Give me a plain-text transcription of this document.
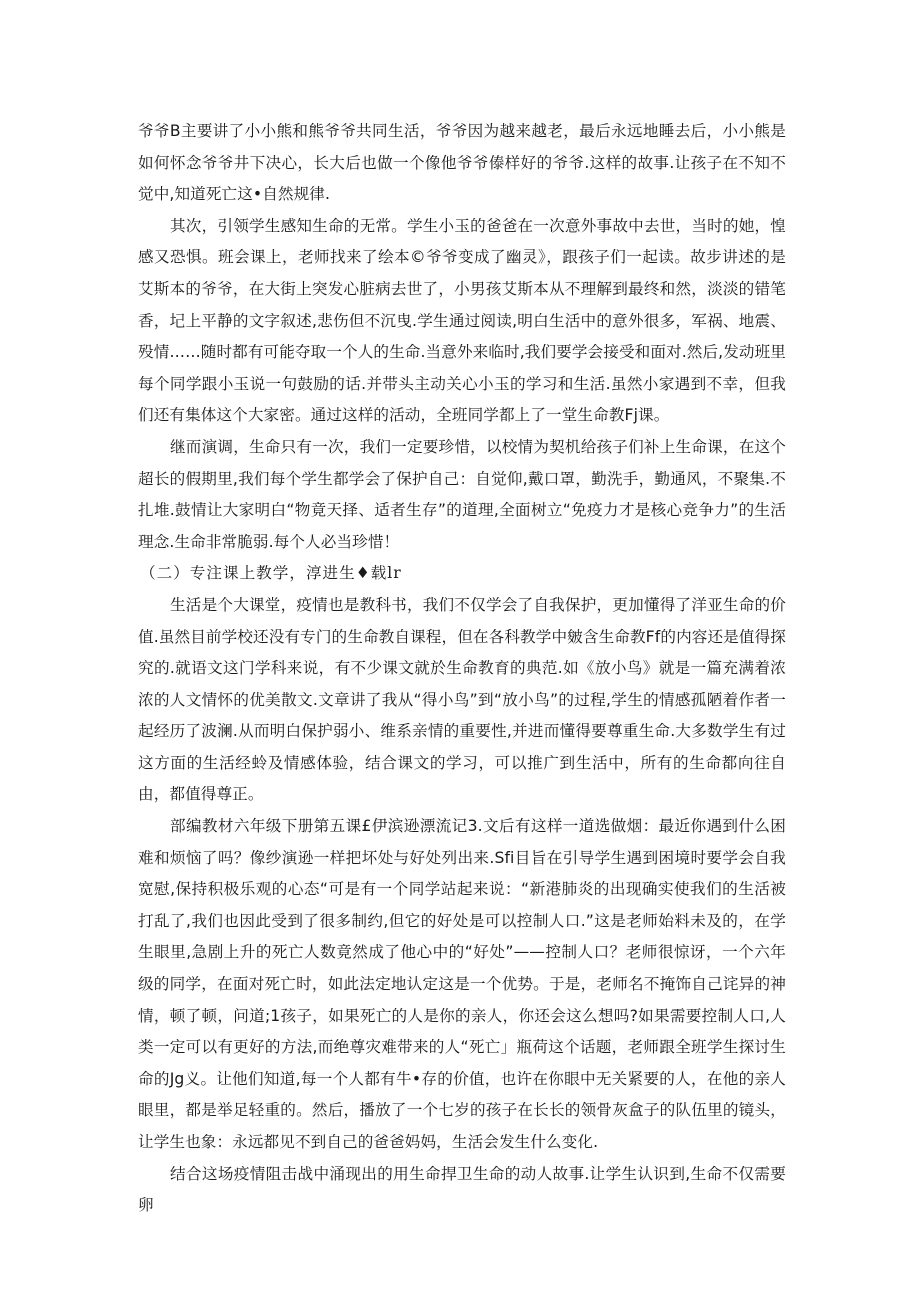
爷爷B主要讲了小小熊和熊爷爷共同生活，爷爷因为越来越老，最后永远地睡去后，小小熊是如何怀念爷爷井下决心，长大后也做一个像他爷爷傣样好的爷爷.这样的故事.让孩子在不知不觉中,知道死亡这•自然规律.

其次，引领学生感知生命的无常。学生小玉的爸爸在一次意外事故中去世，当时的她，惶感又恐惧。班会课上，老师找来了绘本©爷爷变成了幽灵》，跟孩子们一起读。故步讲述的是艾斯本的爷爷，在大街上突发心脏病去世了，小男孩艾斯本从不理解到最终和然，淡淡的错笔香，圮上平静的文字叙述,悲伤但不沉曳.学生通过阅读,明白生活中的意外很多，军祸、地震、殁情……随时都有可能夺取一个人的生命.当意外来临时,我们要学会接受和面对.然后,发动班里每个同学跟小玉说一句鼓励的话.并带头主动关心小玉的学习和生活.虽然小家遇到不幸，但我们还有集体这个大家密。通过这样的活动，全班同学都上了一堂生命教Fj课。

继而演调，生命只有一次，我们一定要珍惜，以校情为契机给孩子们补上生命课，在这个超长的假期里,我们每个学生都学会了保护自己：自觉仰,戴口罩，勤洗手，勤通风，不聚集.不扎堆.鼓情让大家明白“物竟天择、适者生存”的道理,全面树立“免疫力才是核心竞争力”的生活理念.生命非常脆弱.每个人必当珍惜！

（二）专注课上教学，淳进生♦载lr

生活是个大课堂，疫情也是教科书，我们不仅学会了自我保护，更加懂得了洋亚生命的价值.虽然目前学校还没有专门的生命教自课程，但在各科教学中皴含生命教Ff的内容还是值得探究的.就语文这门学科来说，有不少课文就於生命教育的典范.如《放小鸟》就是一篇充满着浓浓的人文情怀的优美散文.文章讲了我从“得小鸟”到“放小鸟”的过程,学生的情感孤陋着作者一起经历了波澜.从而明白保护弱小、维系亲情的重要性,并进而懂得要尊重生命.大多数学生有过这方面的生活经蛉及情感体验，结合课文的学习，可以推广到生活中，所有的生命都向往自由，都值得尊正。

部编教材六年级下册第五课£伊滨逊漂流记3.文后有这样一道选做烟：最近你遇到什么困难和烦恼了吗？像纱演逊一样把坏处与好处列出来.Sfi目旨在引导学生遇到困境时要学会自我宽慰,保持积极乐观的心态“可是有一个同学站起来说：“新港肺炎的出现确实使我们的生活被打乱了,我们也因此受到了很多制约,但它的好处是可以控制人口.”这是老师始料未及的，在学生眼里,急剧上升的死亡人数竟然成了他心中的“好处”——控制人口？老师很惊讶，一个六年级的同学，在面对死亡时，如此法定地认定这是一个优势。于是，老师名不掩饰自己诧异的神情，顿了顿，问道;1孩子，如果死亡的人是你的亲人，你还会这么想吗?如果需要控制人口,人类一定可以有更好的方法,而绝尊灾难带来的人“死亡」瓶荷这个话题，老师跟全班学生探讨生命的Jg义。让他们知道,每一个人都有牛•存的价值，也许在你眼中无关紧要的人，在他的亲人眼里，都是举足轻重的。然后，播放了一个七岁的孩子在长长的领骨灰盒子的队伍里的镜头，让学生也象：永远都见不到自己的爸爸妈妈，生活会发生什么变化.

结合这场疫情阻击战中涌现出的用生命捍卫生命的动人故事.让学生认识到,生命不仅需要卵
